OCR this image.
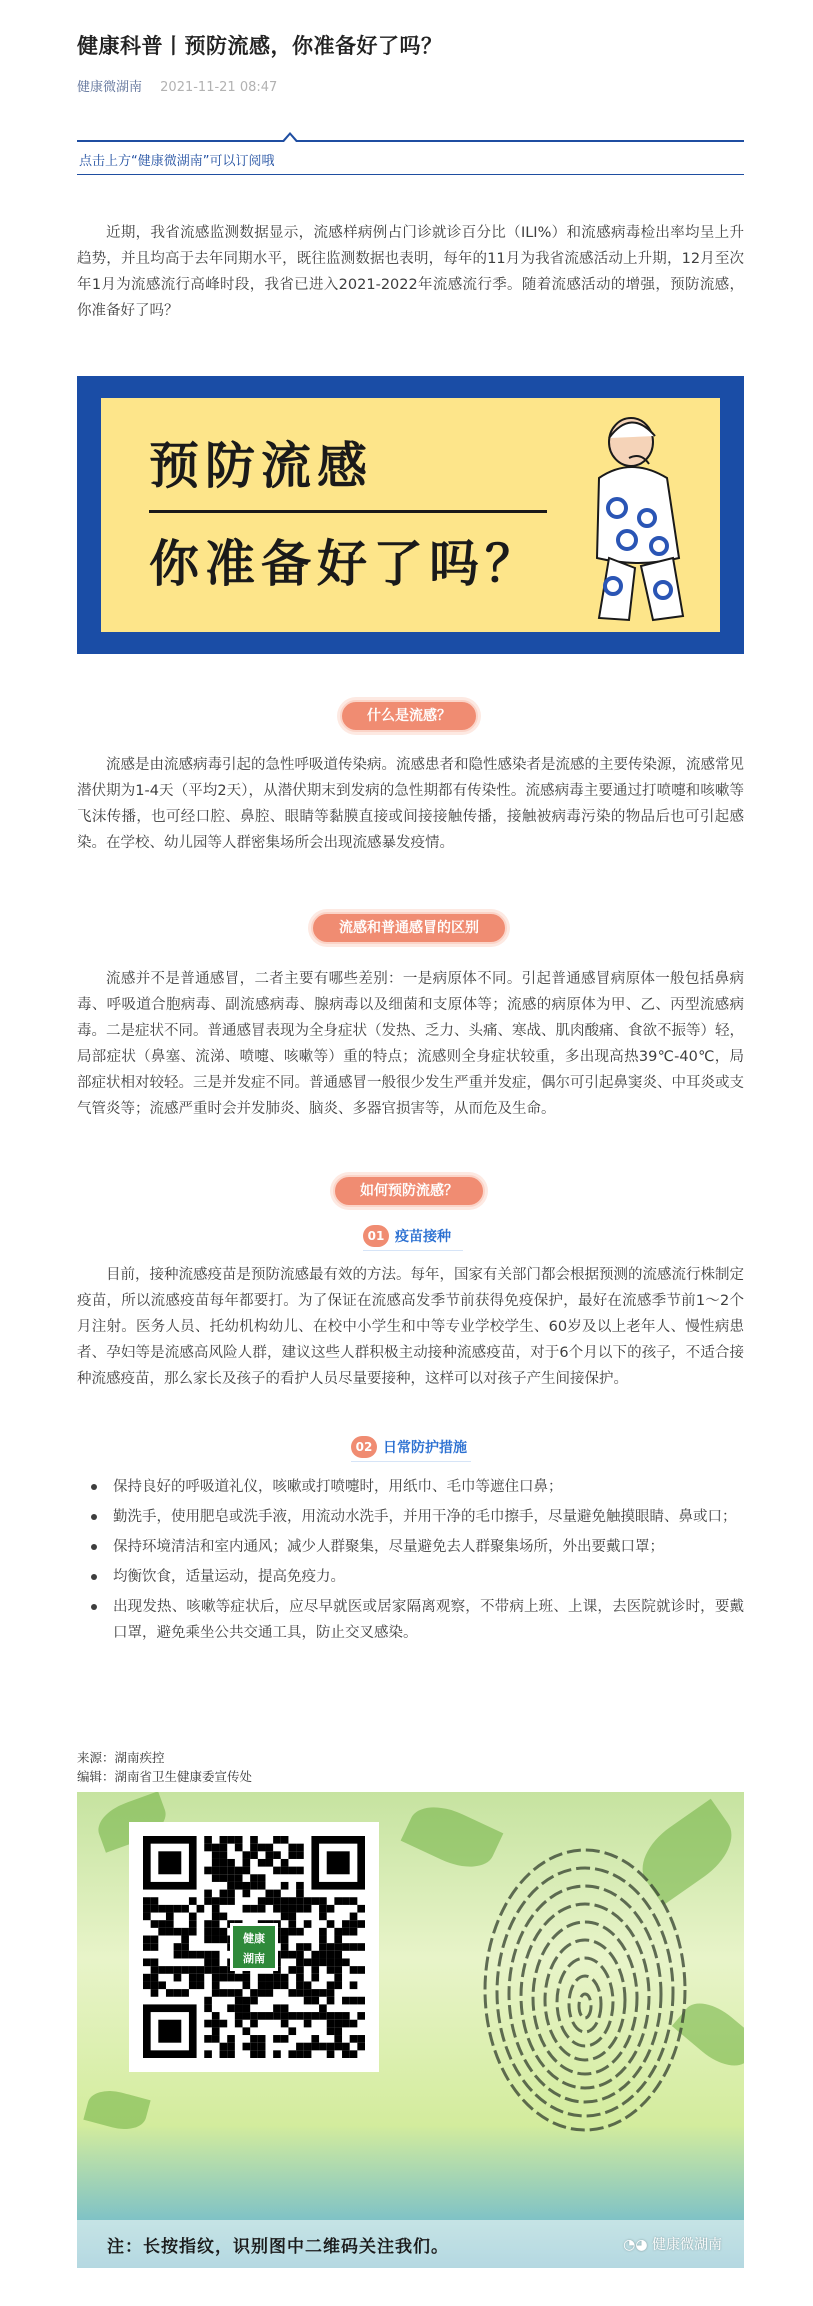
健康科普丨预防流感，你准备好了吗？
健康微湖南 2021-11-21 08:47
点击上方“健康微湖南”可以订阅哦

近期，我省流感监测数据显示，流感样病例占门诊就诊百分比（ILI%）和流感病毒检出率均呈上升趋势，并且均高于去年同期水平，既往监测数据也表明，每年的11月为我省流感活动上升期，12月至次年1月为流感流行高峰时段，我省已进入2021-2022年流感流行季。随着流感活动的增强，预防流感，你准备好了吗？

预防流感
你准备好了吗？
什么是流感？

流感是由流感病毒引起的急性呼吸道传染病。流感患者和隐性感染者是流感的主要传染源，流感常见潜伏期为1-4天（平均2天），从潜伏期末到发病的急性期都有传染性。流感病毒主要通过打喷嚏和咳嗽等飞沫传播，也可经口腔、鼻腔、眼睛等黏膜直接或间接接触传播，接触被病毒污染的物品后也可引起感染。在学校、幼儿园等人群密集场所会出现流感暴发疫情。

流感和普通感冒的区别

流感并不是普通感冒，二者主要有哪些差别：一是病原体不同。引起普通感冒病原体一般包括鼻病毒、呼吸道合胞病毒、副流感病毒、腺病毒以及细菌和支原体等；流感的病原体为甲、乙、丙型流感病毒。二是症状不同。普通感冒表现为全身症状（发热、乏力、头痛、寒战、肌肉酸痛、食欲不振等）轻，局部症状（鼻塞、流涕、喷嚏、咳嗽等）重的特点；流感则全身症状较重，多出现高热39℃-40℃，局部症状相对较轻。三是并发症不同。普通感冒一般很少发生严重并发症，偶尔可引起鼻窦炎、中耳炎或支气管炎等；流感严重时会并发肺炎、脑炎、多器官损害等，从而危及生命。

如何预防流感？
01 疫苗接种

目前，接种流感疫苗是预防流感最有效的方法。每年，国家有关部门都会根据预测的流感流行株制定疫苗，所以流感疫苗每年都要打。为了保证在流感高发季节前获得免疫保护，最好在流感季节前1～2个月注射。医务人员、托幼机构幼儿、在校中小学生和中等专业学校学生、60岁及以上老年人、慢性病患者、孕妇等是流感高风险人群，建议这些人群积极主动接种流感疫苗，对于6个月以下的孩子，不适合接种流感疫苗，那么家长及孩子的看护人员尽量要接种，这样可以对孩子产生间接保护。

02 日常防护措施
保持良好的呼吸道礼仪，咳嗽或打喷嚏时，用纸巾、毛巾等遮住口鼻；
勤洗手，使用肥皂或洗手液，用流动水洗手，并用干净的毛巾擦手，尽量避免触摸眼睛、鼻或口；
保持环境清洁和室内通风；减少人群聚集，尽量避免去人群聚集场所，外出要戴口罩；
均衡饮食，适量运动，提高免疫力。
出现发热、咳嗽等症状后，应尽早就医或居家隔离观察，不带病上班、上课，去医院就诊时，要戴口罩，避免乘坐公共交通工具，防止交叉感染。
来源：湖南疾控
编辑：湖南省卫生健康委宣传处
健康
湖南
注：长按指纹，识别图中二维码关注我们。	◔◕ 健康微湖南
